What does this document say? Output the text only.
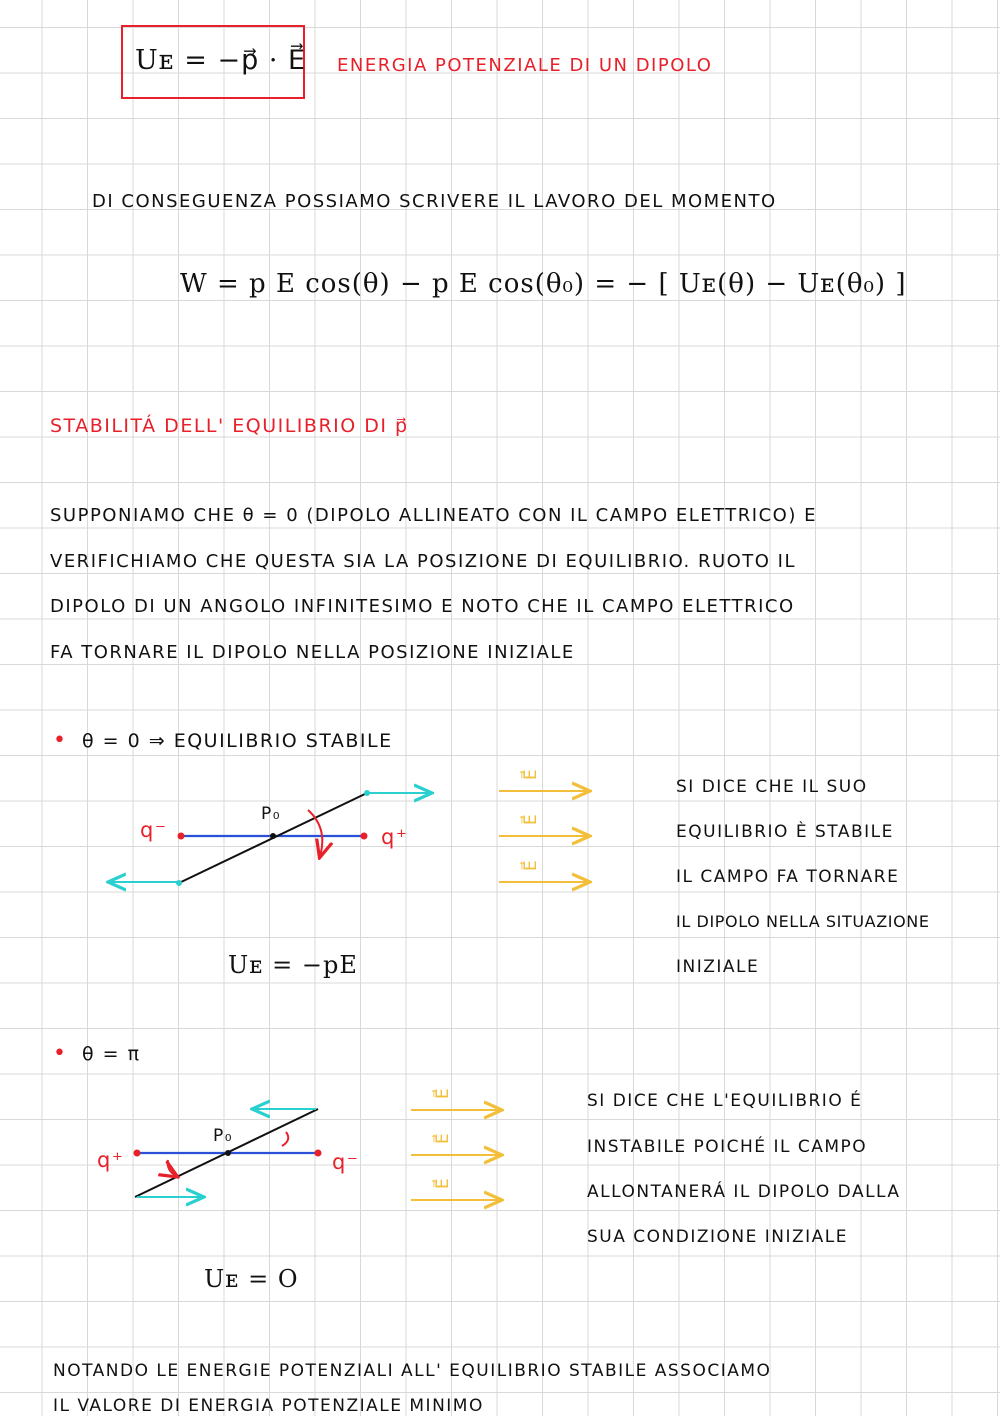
Uᴇ = −p⃗ · E⃗ ENERGIA POTENZIALE DI UN DIPOLO
DI CONSEGUENZA POSSIAMO SCRIVERE IL LAVORO DEL MOMENTO
W = p E cos(θ) − p E cos(θ₀) = − [ Uᴇ(θ) − Uᴇ(θ₀) ]
STABILITÁ DELL' EQUILIBRIO DI p⃗
SUPPONIAMO CHE θ = 0 (DIPOLO ALLINEATO CON IL CAMPO ELETTRICO) E
VERIFICHIAMO CHE QUESTA SIA LA POSIZIONE DI EQUILIBRIO. RUOTO IL
DIPOLO DI UN ANGOLO INFINITESIMO E NOTO CHE IL CAMPO ELETTRICO
FA TORNARE IL DIPOLO NELLA POSIZIONE INIZIALE
• θ = 0 ⇒ EQUILIBRIO STABILE
q⁻	q⁺
P₀
E⃗
E⃗
E⃗
Uᴇ = −pE
SI DICE CHE IL SUO
EQUILIBRIO È STABILE
IL CAMPO FA TORNARE
IL DIPOLO NELLA SITUAZIONE
INIZIALE
• θ = π
q⁺	q⁻
P₀
E⃗
E⃗
E⃗
Uᴇ = O
SI DICE CHE L'EQUILIBRIO É
INSTABILE POICHÉ IL CAMPO
ALLONTANERÁ IL DIPOLO DALLA
SUA CONDIZIONE INIZIALE
NOTANDO LE ENERGIE POTENZIALI ALL' EQUILIBRIO STABILE ASSOCIAMO
IL VALORE DI ENERGIA POTENZIALE MINIMO
